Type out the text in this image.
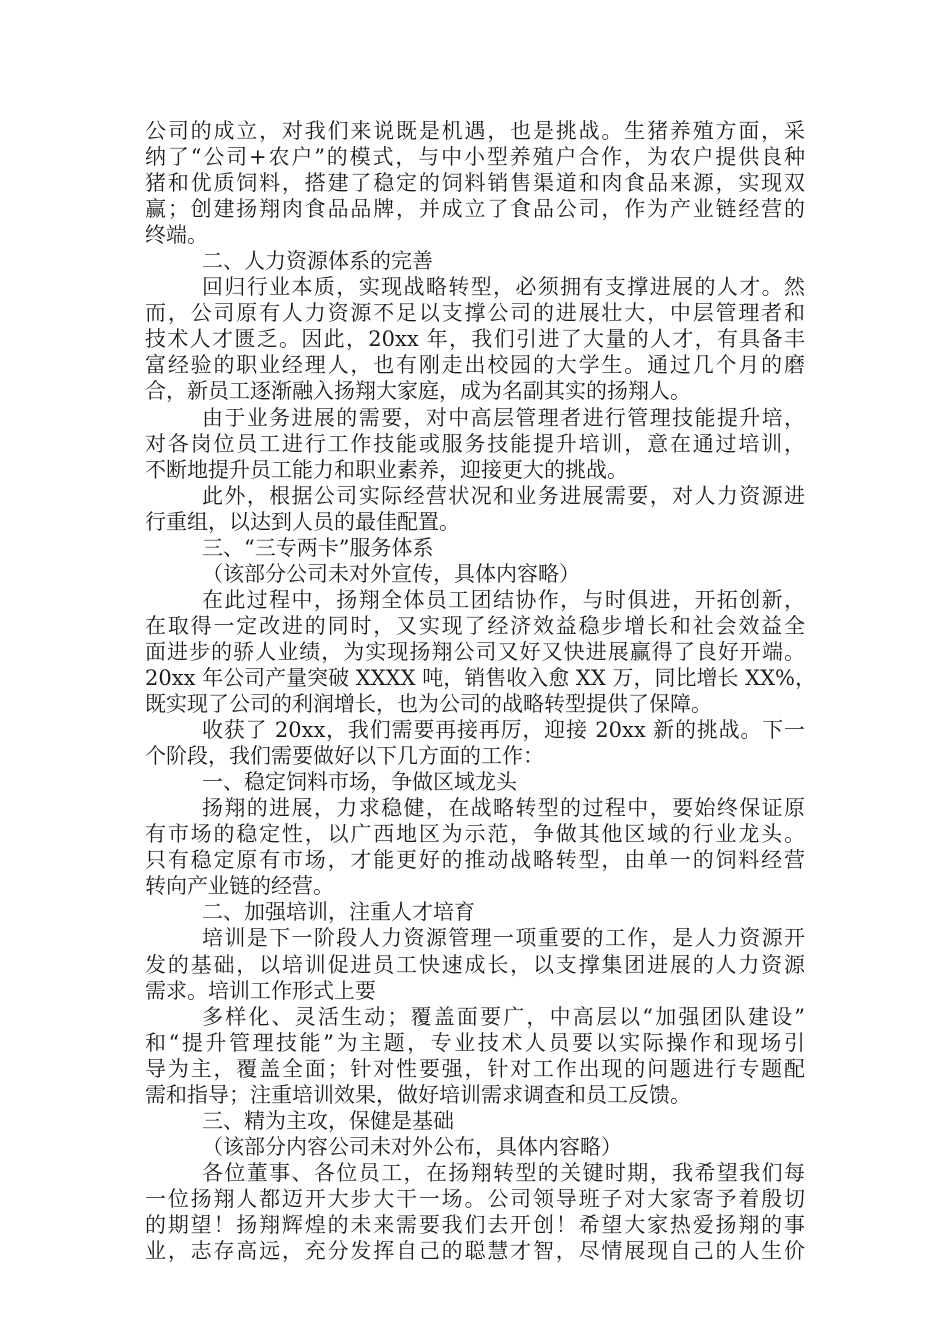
公司的成立，对我们来说既是机遇，也是挑战。生猪养殖方面，采
纳了“公司+农户”的模式，与中小型养殖户合作，为农户提供良种
猪和优质饲料，搭建了稳定的饲料销售渠道和肉食品来源，实现双
赢；创建扬翔肉食品品牌，并成立了食品公司，作为产业链经营的
终端。
二、人力资源体系的完善
回归行业本质，实现战略转型，必须拥有支撑进展的人才。然
而，公司原有人力资源不足以支撑公司的进展壮大，中层管理者和
技术人才匮乏。因此，20xx 年，我们引进了大量的人才，有具备丰
富经验的职业经理人，也有刚走出校园的大学生。通过几个月的磨
合，新员工逐渐融入扬翔大家庭，成为名副其实的扬翔人。
由于业务进展的需要，对中高层管理者进行管理技能提升培，
对各岗位员工进行工作技能或服务技能提升培训，意在通过培训，
不断地提升员工能力和职业素养，迎接更大的挑战。
此外，根据公司实际经营状况和业务进展需要，对人力资源进
行重组，以达到人员的最佳配置。
三、“三专两卡”服务体系
（该部分公司未对外宣传，具体内容略）
在此过程中，扬翔全体员工团结协作，与时俱进，开拓创新，
在取得一定改进的同时，又实现了经济效益稳步增长和社会效益全
面进步的骄人业绩，为实现扬翔公司又好又快进展赢得了良好开端。
20xx 年公司产量突破 XXXX 吨，销售收入愈 XX 万，同比增长 XX%，
既实现了公司的利润增长，也为公司的战略转型提供了保障。
收获了 20xx，我们需要再接再厉，迎接 20xx 新的挑战。下一
个阶段，我们需要做好以下几方面的工作：
一、稳定饲料市场，争做区域龙头
扬翔的进展，力求稳健，在战略转型的过程中，要始终保证原
有市场的稳定性，以广西地区为示范，争做其他区域的行业龙头。
只有稳定原有市场，才能更好的推动战略转型，由单一的饲料经营
转向产业链的经营。
二、加强培训，注重人才培育
培训是下一阶段人力资源管理一项重要的工作，是人力资源开
发的基础，以培训促进员工快速成长，以支撑集团进展的人力资源
需求。培训工作形式上要
多样化、灵活生动；覆盖面要广，中高层以“加强团队建设”
和“提升管理技能”为主题，专业技术人员要以实际操作和现场引
导为主，覆盖全面；针对性要强，针对工作出现的问题进行专题配
需和指导；注重培训效果，做好培训需求调查和员工反馈。
三、精为主攻，保健是基础
（该部分内容公司未对外公布，具体内容略）
各位董事、各位员工，在扬翔转型的关键时期，我希望我们每
一位扬翔人都迈开大步大干一场。公司领导班子对大家寄予着殷切
的期望！扬翔辉煌的未来需要我们去开创！希望大家热爱扬翔的事
业，志存高远，充分发挥自己的聪慧才智，尽情展现自己的人生价
